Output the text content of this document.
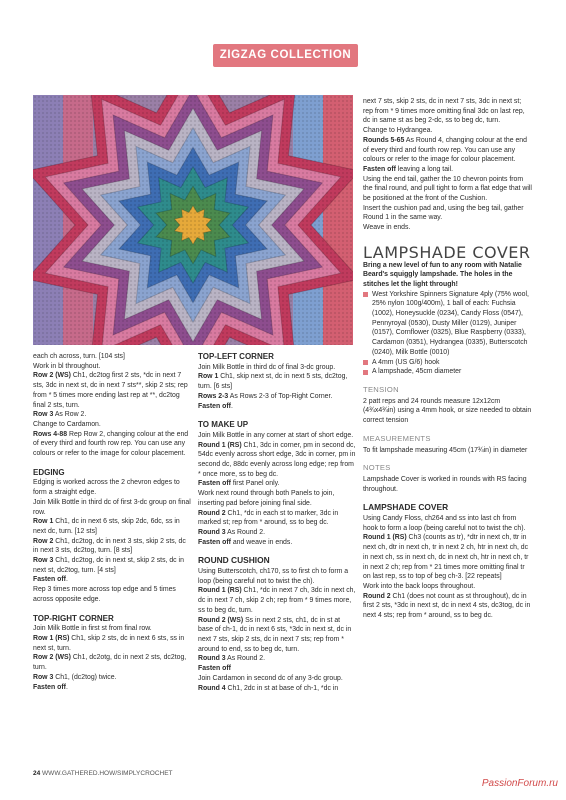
ZIGZAG COLLECTION

each ch across, turn. [104 sts]

Work in bl throughout.

Row 2 (WS) Ch1, dc2tog first 2 sts, *dc in next 7 sts, 3dc in next st, dc in next 7 sts**, skip 2 sts; rep from * 5 times more ending last rep at **, dc2tog final 2 sts, turn.

Row 3 As Row 2.

Change to Cardamon.

Rows 4-88 Rep Row 2, changing colour at the end of every third and fourth row rep. You can use any colours or refer to the image for colour placement.

EDGING

Edging is worked across the 2 chevron edges to form a straight edge.

Join Milk Bottle in third dc of first 3-dc group on final row.

Row 1 Ch1, dc in next 6 sts, skip 2dc, 6dc, ss in next dc, turn. [12 sts]

Row 2 Ch1, dc2tog, dc in next 3 sts, skip 2 sts, dc in next 3 sts, dc2tog, turn. [8 sts]

Row 3 Ch1, dc2tog, dc in next st, skip 2 sts, dc in next st, dc2tog, turn. [4 sts]

Fasten off.

Rep 3 times more across top edge and 5 times across opposite edge.

TOP-RIGHT CORNER

Join Milk Bottle in first st from final row.

Row 1 (RS) Ch1, skip 2 sts, dc in next 6 sts, ss in next st, turn.

Row 2 (WS) Ch1, dc2otg, dc in next 2 sts, dc2tog, turn.

Row 3 Ch1, (dc2tog) twice.

Fasten off.

TOP-LEFT CORNER

Join Milk Bottle in third dc of final 3-dc group.

Row 1 Ch1, skip next st, dc in next 5 sts, dc2tog, turn. [6 sts]

Rows 2-3 As Rows 2-3 of Top-Right Corner.

Fasten off.

TO MAKE UP

Join Milk Bottle in any corner at start of short edge.

Round 1 (RS) Ch1, 3dc in corner, pm in second dc, 54dc evenly across short edge, 3dc in corner, pm in second dc, 88dc evenly across long edge; rep from * once more, ss to beg dc.

Fasten off first Panel only.

Work next round through both Panels to join, inserting pad before joining final side.

Round 2 Ch1, *dc in each st to marker, 3dc in marked st; rep from * around, ss to beg dc.

Round 3 As Round 2.

Fasten off and weave in ends.

ROUND CUSHION

Using Butterscotch, ch170, ss to first ch to form a loop (being careful not to twist the ch).

Round 1 (RS) Ch1, *dc in next 7 ch, 3dc in next ch, dc in next 7 ch, skip 2 ch; rep from * 9 times more, ss to beg dc, turn.

Round 2 (WS) Ss in next 2 sts, ch1, dc in st at base of ch-1, dc in next 6 sts, *3dc in next st, dc in next 7 sts, skip 2 sts, dc in next 7 sts; rep from * around to end, ss to beg dc, turn.

Round 3 As Round 2.

Fasten off

Join Cardamon in second dc of any 3-dc group.

Round 4 Ch1, 2dc in st at base of ch-1, *dc in

next 7 sts, skip 2 sts, dc in next 7 sts, 3dc in next st; rep from * 9 times more omitting final 3dc on last rep, dc in same st as beg 2-dc, ss to beg dc, turn.

Change to Hydrangea.

Rounds 5-65 As Round 4, changing colour at the end of every third and fourth row rep. You can use any colours or refer to the image for colour placement.

Fasten off leaving a long tail.

Using the end tail, gather the 10 chevron points from the final round, and pull tight to form a flat edge that will be positioned at the front of the Cushion.

Insert the cushion pad and, using the beg tail, gather Round 1 in the same way.

Weave in ends.

LAMPSHADE COVER

Bring a new level of fun to any room with Natalie Beard's squiggly lampshade. The holes in the stitches let the light through!

West Yorkshire Spinners Signature 4ply (75% wool, 25% nylon 100g/400m), 1 ball of each: Fuchsia (1002), Honeysuckle (0234), Candy Floss (0547), Pennyroyal (0530), Dusty Miller (0129), Juniper (0157), Cornflower (0325), Blue Raspberry (0333), Cardamon (0351), Hydrangea (0335), Butterscotch (0240), Milk Bottle (0010)

A 4mm (US G/6) hook

A lampshade, 45cm diameter

TENSION

2 patt reps and 24 rounds measure 12x12cm (4¾x4¾in) using a 4mm hook, or size needed to obtain correct tension

MEASUREMENTS

To fit lampshade measuring 45cm (17¾in) in diameter

NOTES

Lampshade Cover is worked in rounds with RS facing throughout.

LAMPSHADE COVER

Using Candy Floss, ch264 and ss into last ch from hook to form a loop (being careful not to twist the ch).

Round 1 (RS) Ch3 (counts as tr), *dtr in next ch, ttr in next ch, dtr in next ch, tr in next 2 ch, htr in next ch, dc in next ch, ss in next ch, dc in next ch, htr in next ch, tr in next 2 ch; rep from * 21 times more omitting final tr on last rep, ss to top of beg ch-3. [22 repeats]

Work into the back loops throughout.

Round 2 Ch1 (does not count as st throughout), dc in first 2 sts, *3dc in next st, dc in next 4 sts, dc3tog, dc in next 4 sts; rep from * around, ss to beg dc.

24 WWW.GATHERED.HOW/SIMPLYCROCHET
PassionForum.ru
